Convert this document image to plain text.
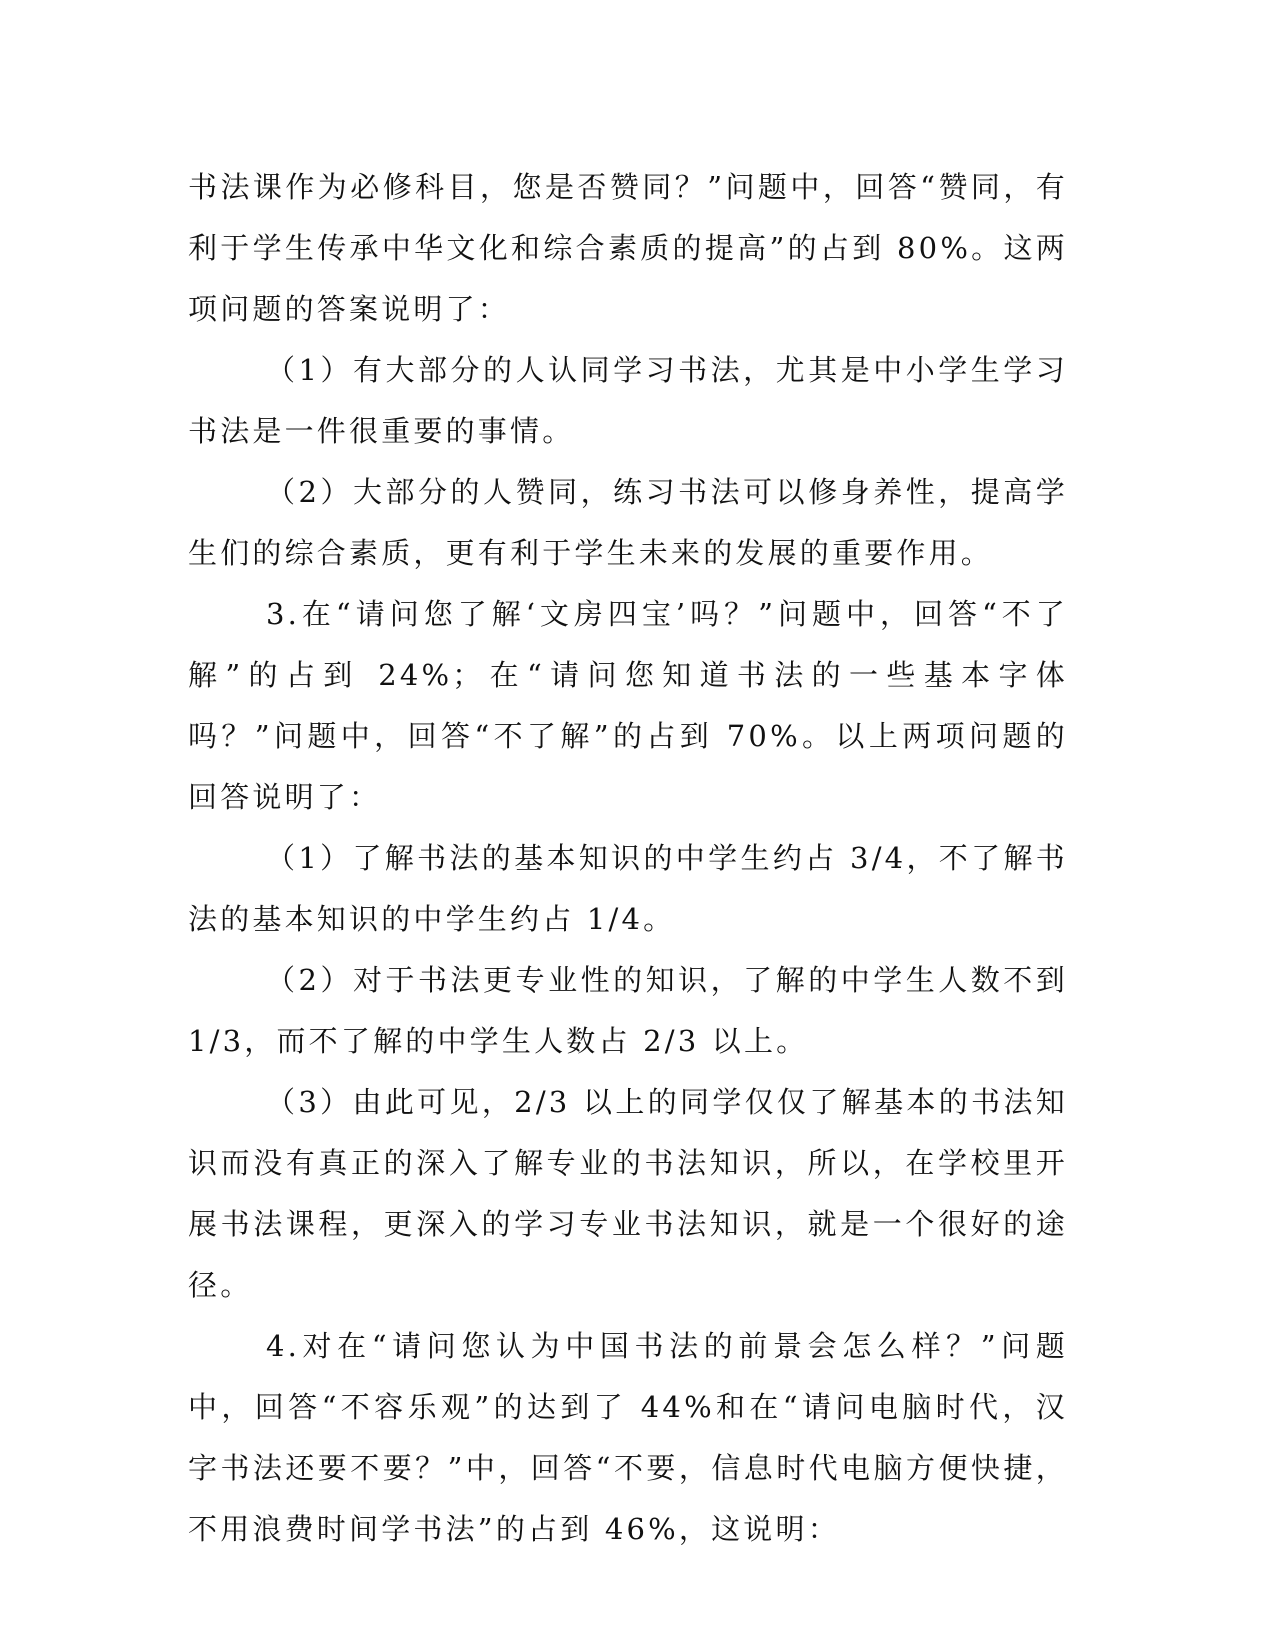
书法课作为必修科目，您是否赞同？”问题中，回答“赞同，有利于学生传承中华文化和综合素质的提高”的占到 80%。这两项问题的答案说明了：

（1）有大部分的人认同学习书法，尤其是中小学生学习书法是一件很重要的事情。

（2）大部分的人赞同，练习书法可以修身养性，提高学生们的综合素质，更有利于学生未来的发展的重要作用。

3.在“请问您了解‘文房四宝’吗？”问题中，回答“不了解”的占到 24%；在“请问您知道书法的一些基本字体吗？”问题中，回答“不了解”的占到 70%。以上两项问题的回答说明了：

（1）了解书法的基本知识的中学生约占 3/4，不了解书法的基本知识的中学生约占 1/4。

（2）对于书法更专业性的知识，了解的中学生人数不到 1/3，而不了解的中学生人数占 2/3 以上。

（3）由此可见，2/3 以上的同学仅仅了解基本的书法知识而没有真正的深入了解专业的书法知识，所以，在学校里开展书法课程，更深入的学习专业书法知识，就是一个很好的途径。

4.对在“请问您认为中国书法的前景会怎么样？”问题中，回答“不容乐观”的达到了 44%和在“请问电脑时代，汉字书法还要不要？”中，回答“不要，信息时代电脑方便快捷，不用浪费时间学书法”的占到 46%，这说明：
